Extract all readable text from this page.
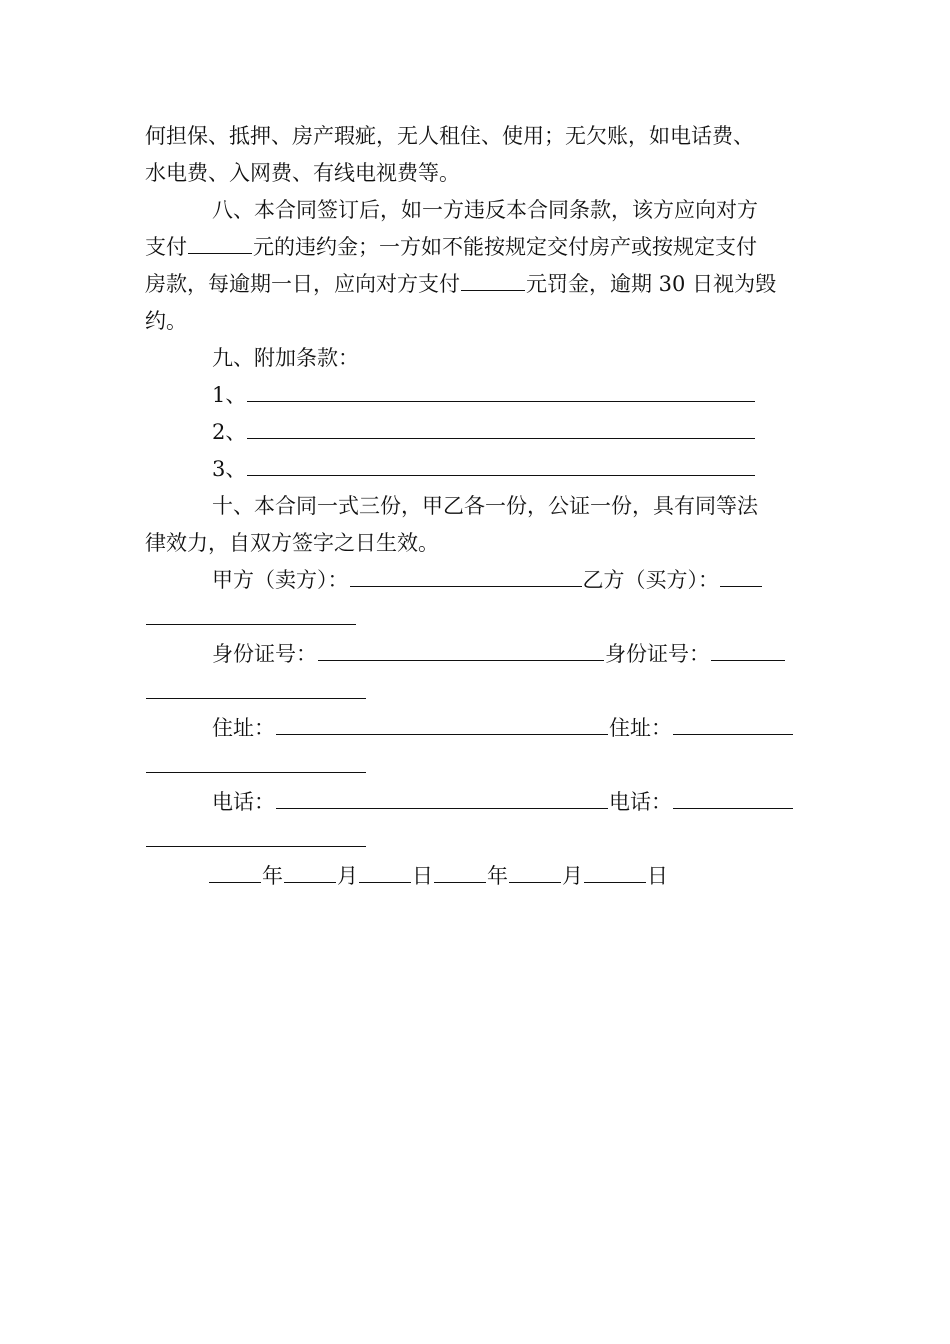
何担保、抵押、房产瑕疵，无人租住、使用；无欠账，如电话费、
水电费、入网费、有线电视费等。
八、本合同签订后，如一方违反本合同条款，该方应向对方
支付	元的违约金；一方如不能按规定交付房产或按规定支付
房款，每逾期一日，应向对方支付	元罚金，逾期 30 日视为毁
约。
九、附加条款：
1、
2、
3、
十、本合同一式三份，甲乙各一份，公证一份，具有同等法
律效力，自双方签字之日生效。
甲方（卖方）：	乙方（买方）：
身份证号：	身份证号：
住址：	住址：
电话：	电话：
年	月	日	年	月	日
